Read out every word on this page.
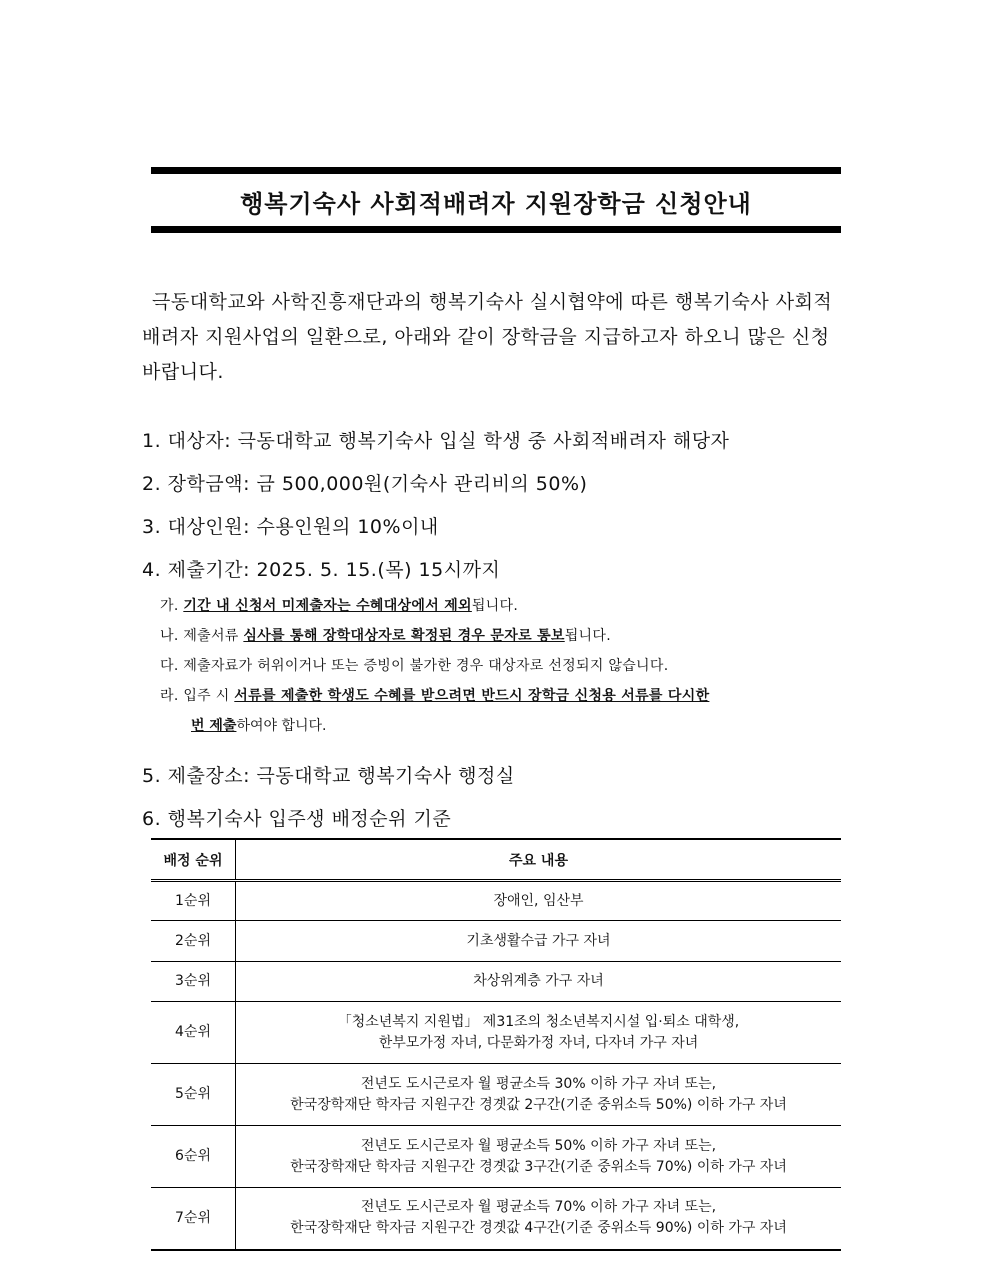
행복기숙사 사회적배려자 지원장학금 신청안내
극동대학교와 사학진흥재단과의 행복기숙사 실시협약에 따른 행복기숙사 사회적 배려자 지원사업의 일환으로, 아래와 같이 장학금을 지급하고자 하오니 많은 신청 바랍니다.
1. 대상자: 극동대학교 행복기숙사 입실 학생 중 사회적배려자 해당자
2. 장학금액: 금 500,000원(기숙사 관리비의 50%)
3. 대상인원: 수용인원의 10%이내
4. 제출기간: 2025. 5. 15.(목) 15시까지
가. 기간 내 신청서 미제출자는 수혜대상에서 제외됩니다.
나. 제출서류 심사를 통해 장학대상자로 확정된 경우 문자로 통보됩니다.
다. 제출자료가 허위이거나 또는 증빙이 불가한 경우 대상자로 선정되지 않습니다.
라. 입주 시 서류를 제출한 학생도 수혜를 받으려면 반드시 장학금 신청용 서류를 다시한
번 제출하여야 합니다.
5. 제출장소: 극동대학교 행복기숙사 행정실
6. 행복기숙사 입주생 배정순위 기준
배정 순위	주요 내용
1순위	장애인, 임산부

2순위	기초생활수급 가구 자녀

3순위	차상위계층 가구 자녀

4순위	「청소년복지 지원법」 제31조의 청소년복지시설 입·퇴소 대학생,
한부모가정 자녀, 다문화가정 자녀, 다자녀 가구 자녀

5순위	전년도 도시근로자 월 평균소득 30% 이하 가구 자녀 또는,
한국장학재단 학자금 지원구간 경곗값 2구간(기준 중위소득 50%) 이하 가구 자녀

6순위	전년도 도시근로자 월 평균소득 50% 이하 가구 자녀 또는,
한국장학재단 학자금 지원구간 경곗값 3구간(기준 중위소득 70%) 이하 가구 자녀

7순위	전년도 도시근로자 월 평균소득 70% 이하 가구 자녀 또는,
한국장학재단 학자금 지원구간 경곗값 4구간(기준 중위소득 90%) 이하 가구 자녀
